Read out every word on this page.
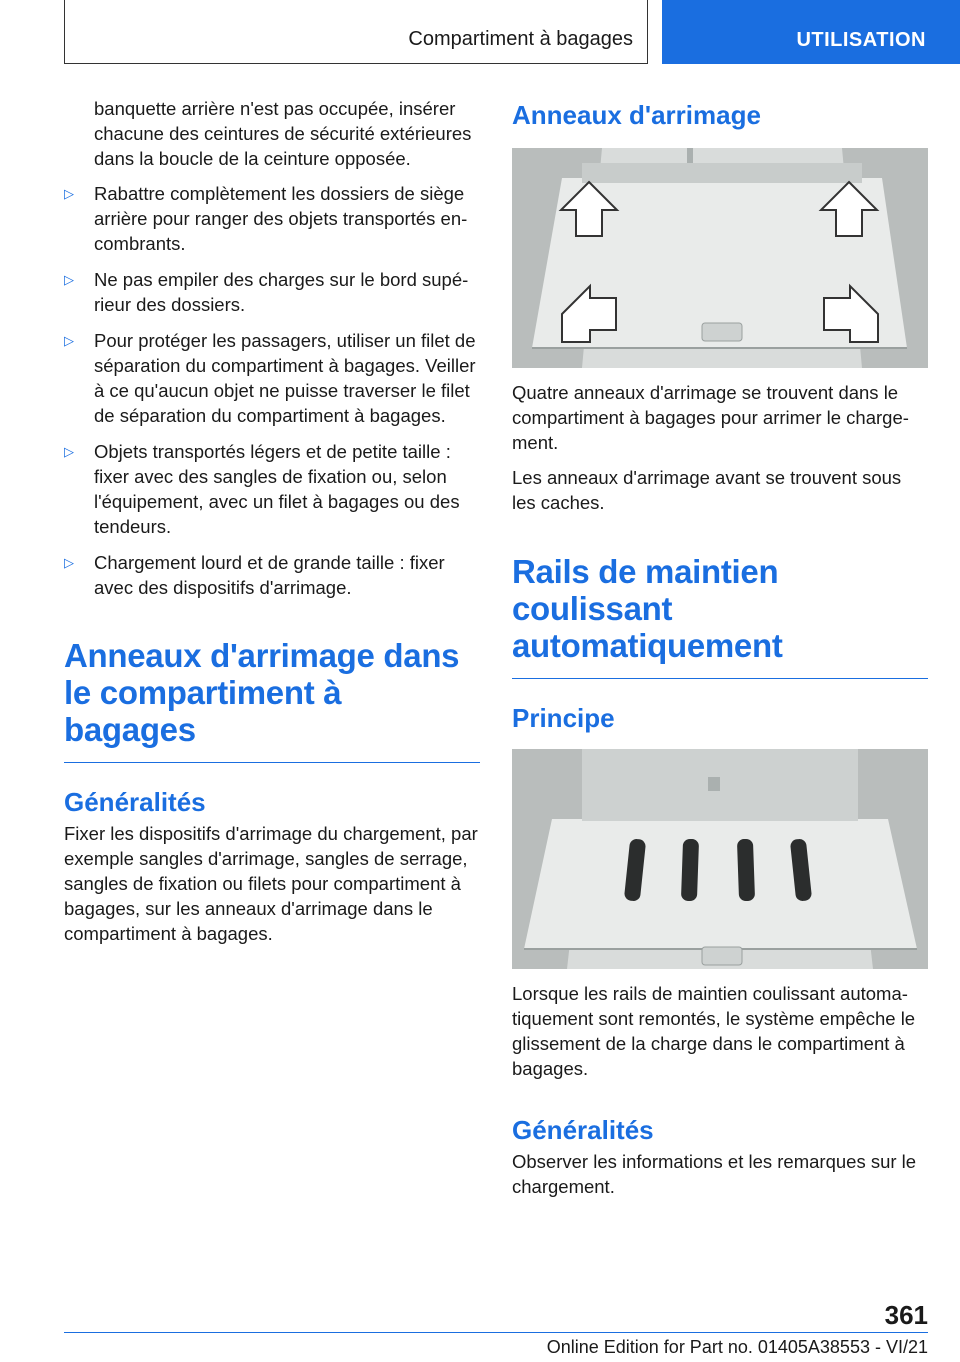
Compartiment à bagages	UTILISATION

banquette arrière n'est pas occupée, insérer chacune des ceintures de sécurité extérieures dans la boucle de la ceinture opposée.

▷ Rabattre complètement les dossiers de siège arrière pour ranger des objets transportés encombrants.
▷ Ne pas empiler des charges sur le bord supérieur des dossiers.
▷ Pour protéger les passagers, utiliser un filet de séparation du compartiment à bagages. Veiller à ce qu'aucun objet ne puisse traverser le filet de séparation du compartiment à bagages.
▷ Objets transportés légers et de petite taille : fixer avec des sangles de fixation ou, selon l'équipement, avec un filet à bagages ou des tendeurs.
▷ Chargement lourd et de grande taille : fixer avec des dispositifs d'arrimage.
Anneaux d'arrimage dans le compartiment à bagages
Généralités

Fixer les dispositifs d'arrimage du chargement, par exemple sangles d'arrimage, sangles de serrage, sangles de fixation ou filets pour compartiment à bagages, sur les anneaux d'arrimage dans le compartiment à bagages.

Anneaux d'arrimage

Quatre anneaux d'arrimage se trouvent dans le compartiment à bagages pour arrimer le chargement.

Les anneaux d'arrimage avant se trouvent sous les caches.

Rails de maintien coulissant automatiquement
Principe

Lorsque les rails de maintien coulissant automatiquement sont remontés, le système empêche le glissement de la charge dans le compartiment à bagages.

Généralités

Observer les informations et les remarques sur le chargement.

361
Online Edition for Part no. 01405A38553 - VI/21
